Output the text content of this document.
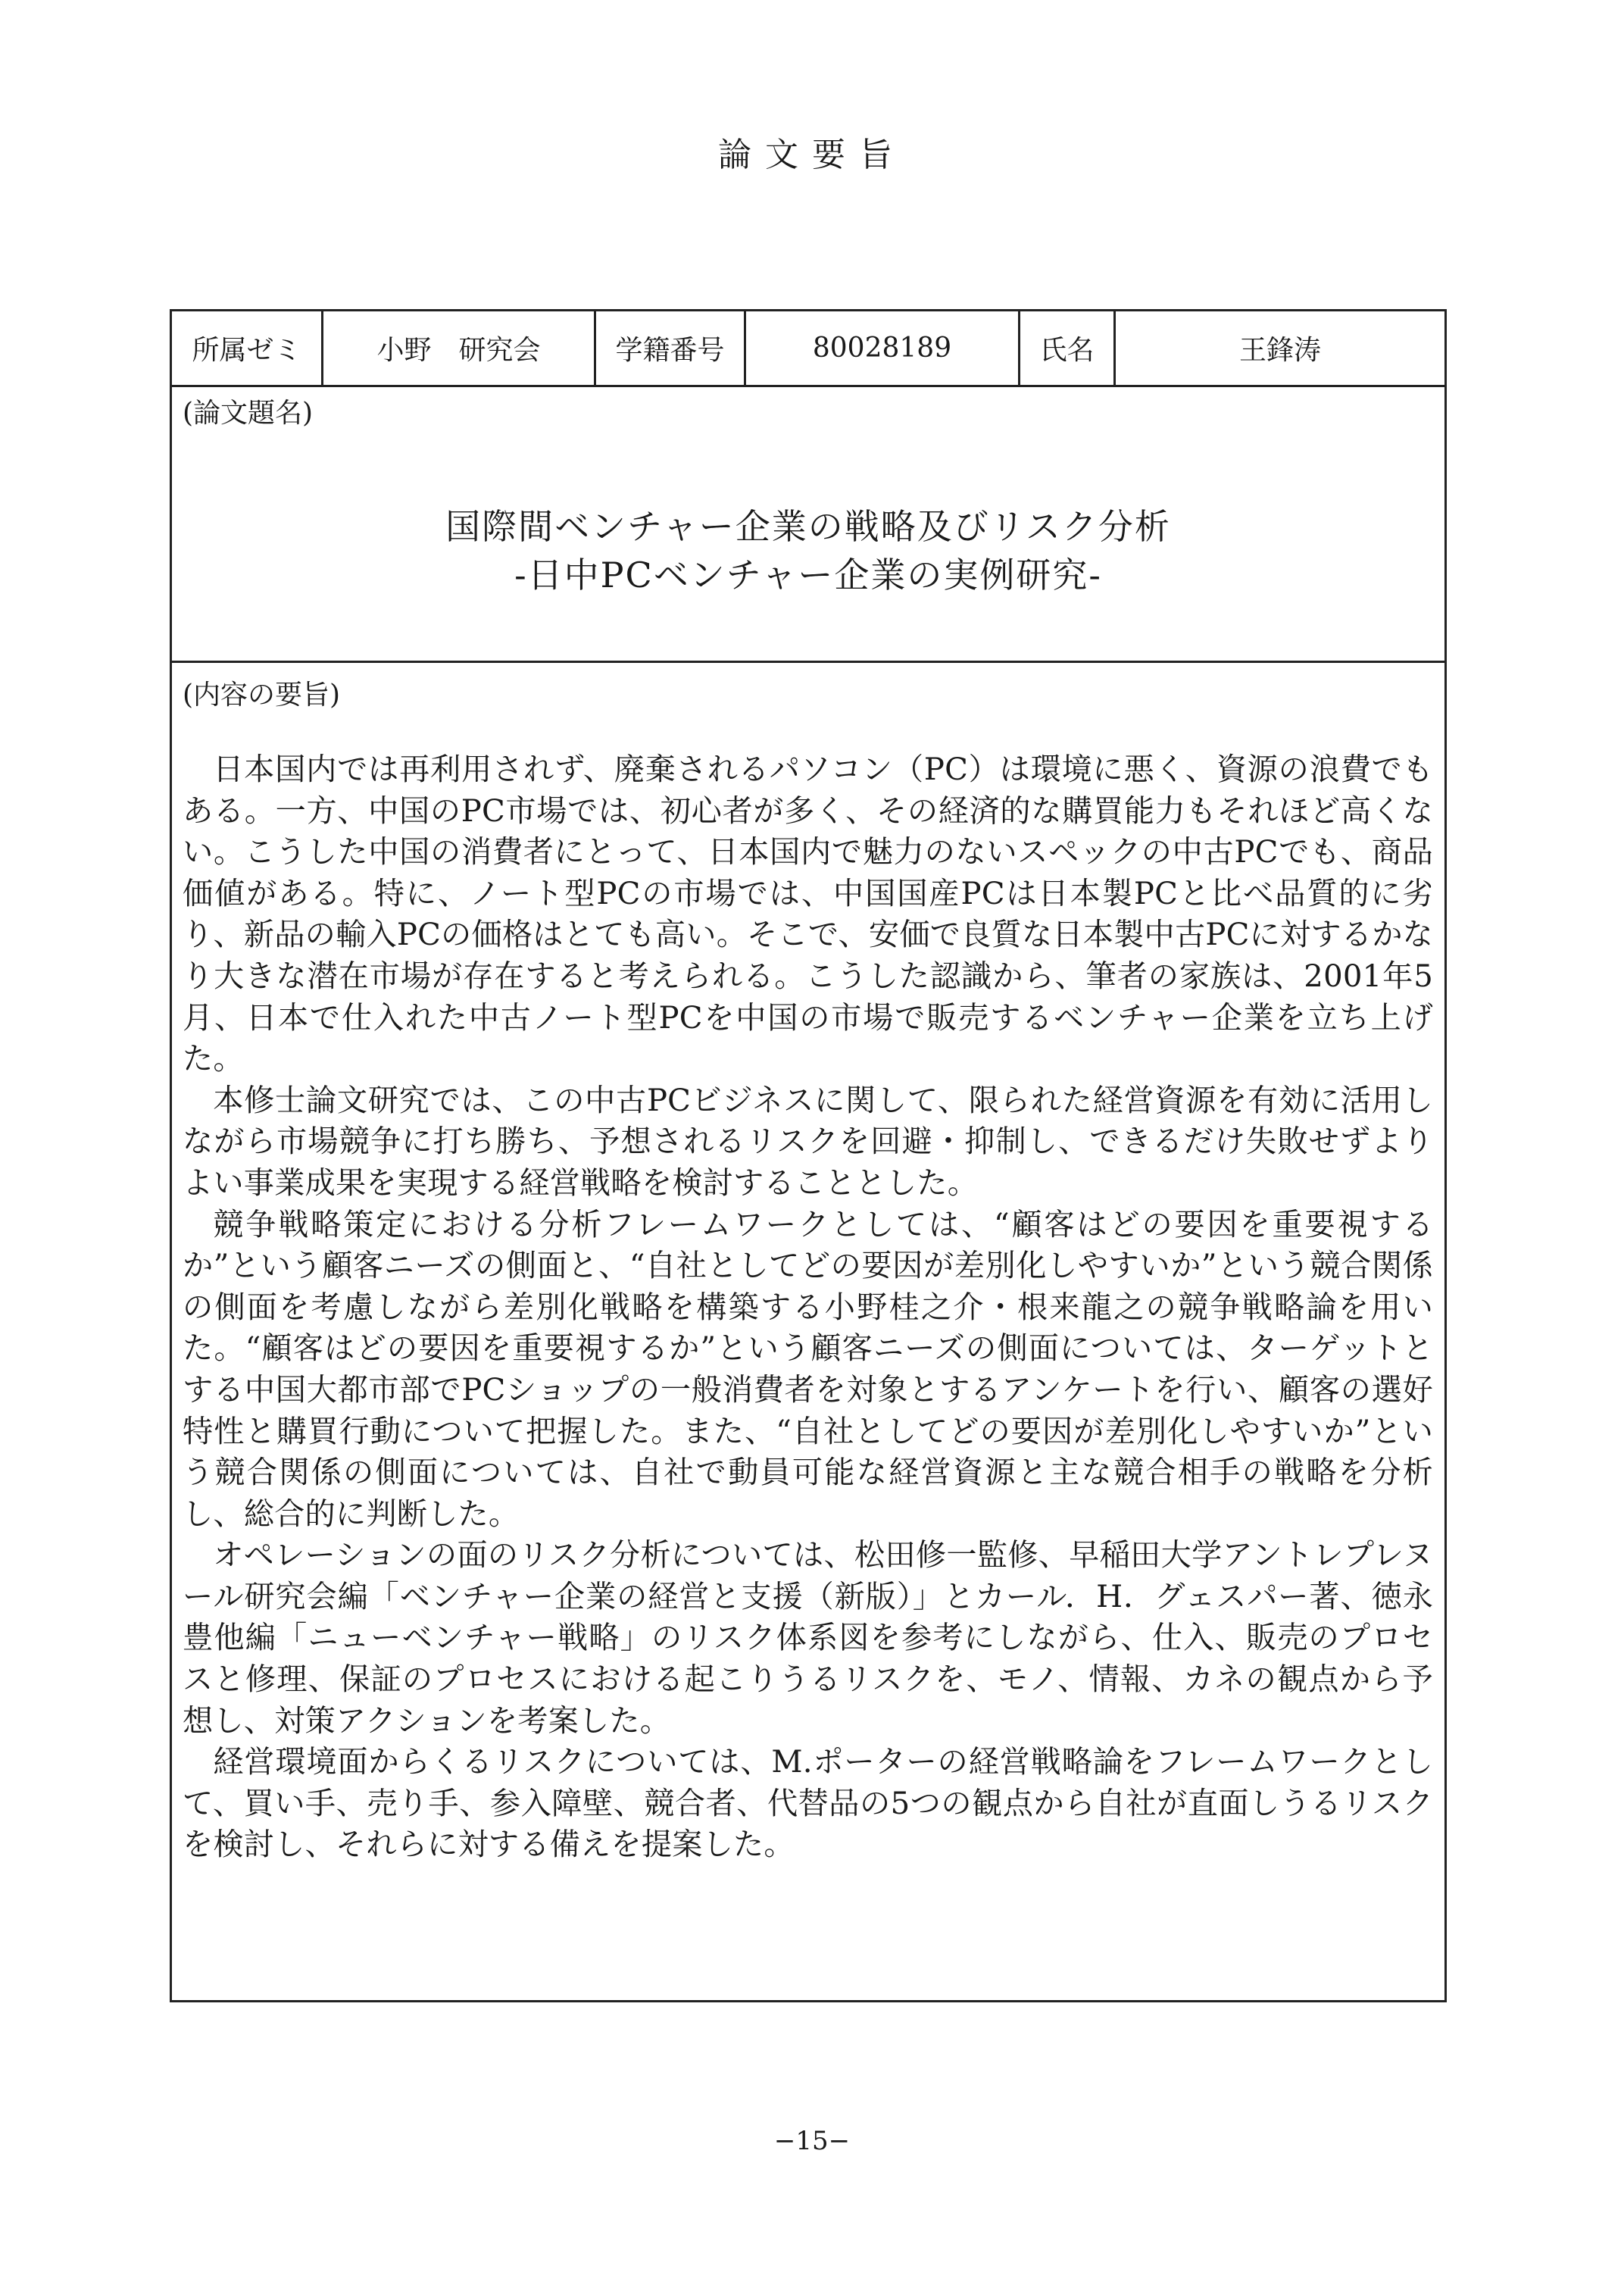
論文要旨
所属ゼミ	小野　研究会	学籍番号	80028189	氏名	王鋒涛
(論文題名)
国際間ベンチャー企業の戦略及びリスク分析
-日中PCベンチャー企業の実例研究-
(内容の要旨)

日本国内では再利用されず、廃棄されるパソコン（PC）は環境に悪く、資源の浪費でもある。一方、中国のPC市場では、初心者が多く、その経済的な購買能力もそれほど高くない。こうした中国の消費者にとって、日本国内で魅力のないスペックの中古PCでも、商品価値がある。特に、ノート型PCの市場では、中国国産PCは日本製PCと比べ品質的に劣り、新品の輸入PCの価格はとても高い。そこで、安価で良質な日本製中古PCに対するかなり大きな潜在市場が存在すると考えられる。こうした認識から、筆者の家族は、2001年5月、日本で仕入れた中古ノート型PCを中国の市場で販売するベンチャー企業を立ち上げた。

本修士論文研究では、この中古PCビジネスに関して、限られた経営資源を有効に活用しながら市場競争に打ち勝ち、予想されるリスクを回避・抑制し、できるだけ失敗せずよりよい事業成果を実現する経営戦略を検討することとした。

競争戦略策定における分析フレームワークとしては、“顧客はどの要因を重要視するか”という顧客ニーズの側面と、“自社としてどの要因が差別化しやすいか”という競合関係の側面を考慮しながら差別化戦略を構築する小野桂之介・根来龍之の競争戦略論を用いた。“顧客はどの要因を重要視するか”という顧客ニーズの側面については、ターゲットとする中国大都市部でPCショップの一般消費者を対象とするアンケートを行い、顧客の選好特性と購買行動について把握した。また、“自社としてどの要因が差別化しやすいか”という競合関係の側面については、自社で動員可能な経営資源と主な競合相手の戦略を分析し、総合的に判断した。

オペレーションの面のリスク分析については、松田修一監修、早稲田大学アントレプレヌール研究会編「ベンチャー企業の経営と支援（新版）」とカール．H．グェスパー著、徳永豊他編「ニューベンチャー戦略」のリスク体系図を参考にしながら、仕入、販売のプロセスと修理、保証のプロセスにおける起こりうるリスクを、モノ、情報、カネの観点から予想し、対策アクションを考案した。

経営環境面からくるリスクについては、M.ポーターの経営戦略論をフレームワークとして、買い手、売り手、参入障壁、競合者、代替品の5つの観点から自社が直面しうるリスクを検討し、それらに対する備えを提案した。

−15−
